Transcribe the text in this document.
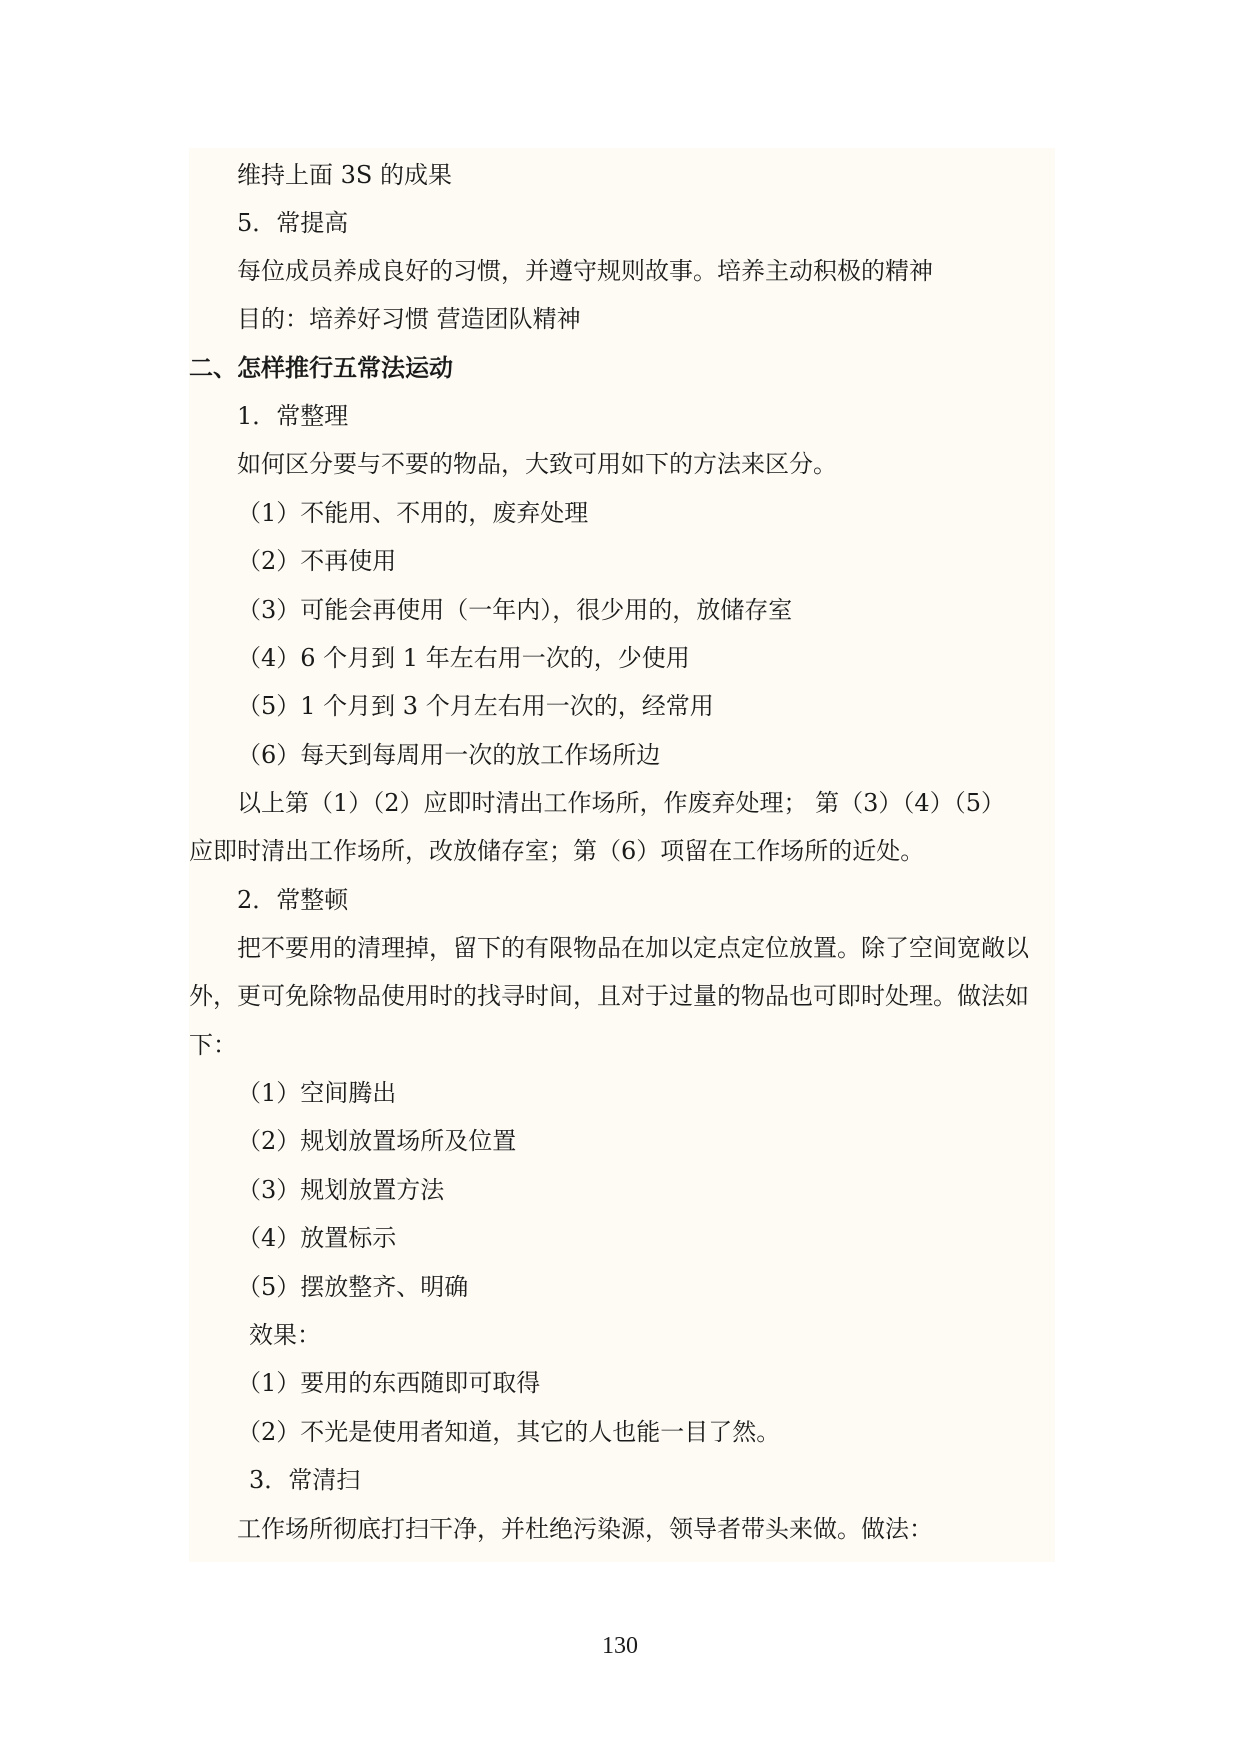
维持上面 3S 的成果
5．常提高
每位成员养成良好的习惯，并遵守规则故事。培养主动积极的精神
目的：培养好习惯 营造团队精神
二、怎样推行五常法运动
1．常整理
如何区分要与不要的物品，大致可用如下的方法来区分。
（1）不能用、不用的，废弃处理
（2）不再使用
（3）可能会再使用（一年内），很少用的，放储存室
（4）6 个月到 1 年左右用一次的，少使用
（5）1 个月到 3 个月左右用一次的，经常用
（6）每天到每周用一次的放工作场所边
以上第（1）（2）应即时清出工作场所，作废弃处理； 第（3）（4）（5）
应即时清出工作场所，改放储存室；第（6）项留在工作场所的近处。
2．常整顿
把不要用的清理掉，留下的有限物品在加以定点定位放置。除了空间宽敞以
外，更可免除物品使用时的找寻时间，且对于过量的物品也可即时处理。做法如
下：
（1）空间腾出
（2）规划放置场所及位置
（3）规划放置方法
（4）放置标示
（5）摆放整齐、明确
效果：
（1）要用的东西随即可取得
（2）不光是使用者知道，其它的人也能一目了然。
3．常清扫
工作场所彻底打扫干净，并杜绝污染源，领导者带头来做。做法：
130
